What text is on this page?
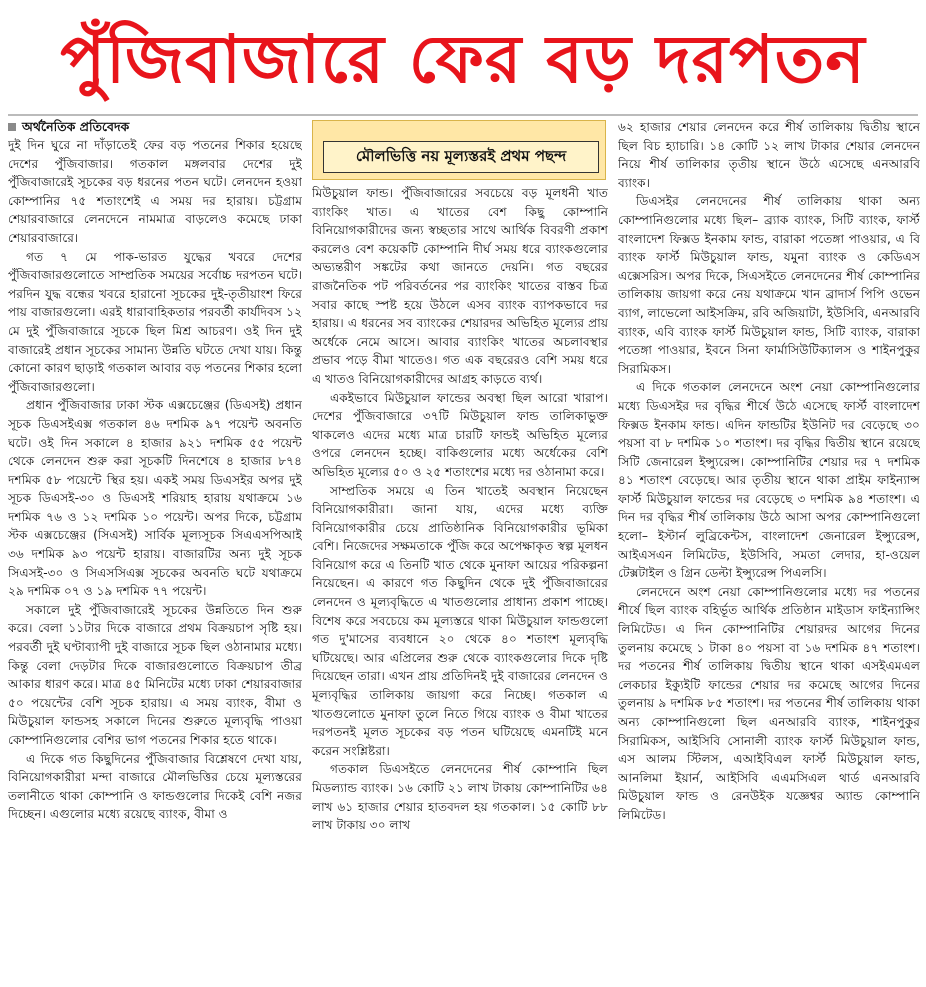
পুঁজিবাজারে ফের বড় দরপতন
অর্থনৈতিক প্রতিবেদক

দুই দিন ঘুরে না দাঁড়াতেই ফের বড় পতনের শিকার হয়েছে দেশের পুঁজিবাজার। গতকাল মঙ্গলবার দেশের দুই পুঁজিবাজারেই সূচকের বড় ধরনের পতন ঘটে। লেনদেন হওয়া কোম্পানির ৭৫ শতাংশেই এ সময় দর হারায়। চট্টগ্রাম শেয়ারবাজারে লেনদেনে নামমাত্র বাড়লেও কমেছে ঢাকা শেয়ারবাজারে।

গত ৭ মে পাক-ভারত যুদ্ধের খবরে দেশের পুঁজিবাজারগুলোতে সাম্প্রতিক সময়ের সর্বোচ্চ দরপতন ঘটে। পরদিন যুদ্ধ বন্ধের খবরে হারানো সূচকের দুই-তৃতীয়াংশ ফিরে পায় বাজারগুলো। এরই ধারাবাহিকতার পরবর্তী কার্যদিবস ১২ মে দুই পুঁজিবাজারে সূচকে ছিল মিশ্র আচরণ। ওই দিন দুই বাজারেই প্রধান সূচকের সামান্য উন্নতি ঘটতে দেখা যায়। কিন্তু কোনো কারণ ছাড়াই গতকাল আবার বড় পতনের শিকার হলো পুঁজিবাজারগুলো।

প্রধান পুঁজিবাজার ঢাকা স্টক এক্সচেঞ্জের (ডিএসই) প্রধান সূচক ডিএসইএক্স গতকাল ৪৬ দশমিক ৯৭ পয়েন্ট অবনতি ঘটে। ওই দিন সকালে ৪ হাজার ৯২১ দশমিক ৫৫ পয়েন্ট থেকে লেনদেন শুরু করা সূচকটি দিনশেষে ৪ হাজার ৮৭৪ দশমিক ৫৮ পয়েন্টে স্থির হয়। একই সময় ডিএসইর অপর দুই সূচক ডিএসই-৩০ ও ডিএসই শরিয়াহ হারায় যথাক্রমে ১৬ দশমিক ৭৬ ও ১২ দশমিক ১০ পয়েন্ট। অপর দিকে, চট্টগ্রাম স্টক এক্সচেঞ্জের (সিএসই) সার্বিক মূল্যসূচক সিএএসপিআই ৩৬ দশমিক ৯৩ পয়েন্ট হারায়। বাজারটির অন্য দুই সূচক সিএসই-৩০ ও সিএসসিএক্স সূচকের অবনতি ঘটে যথাক্রমে ২৯ দশমিক ০৭ ও ১৯ দশমিক ৭৭ পয়েন্ট।

সকালে দুই পুঁজিবাজারেই সূচকের উন্নতিতে দিন শুরু করে। বেলা ১১টার দিকে বাজারে প্রথম বিক্রয়চাপ সৃষ্টি হয়। পরবর্তী দুই ঘণ্টাব্যাপী দুই বাজারে সূচক ছিল ওঠানামার মধ্যে। কিন্তু বেলা দেড়টার দিকে বাজারগুলোতে বিক্রয়চাপ তীব্র আকার ধারণ করে। মাত্র ৪৫ মিনিটের মধ্যে ঢাকা শেয়ারবাজার ৫০ পয়েন্টের বেশি সূচক হারায়। এ সময় ব্যাংক, বীমা ও মিউচুয়াল ফান্ডসহ সকালে দিনের শুরুতে মূল্যবৃদ্ধি পাওয়া কোম্পানিগুলোর বেশির ভাগ পতনের শিকার হতে থাকে।

এ দিকে গত কিছুদিনের পুঁজিবাজার বিশ্লেষণে দেখা যায়, বিনিয়োগকারীরা মন্দা বাজারে মৌলভিত্তির চেয়ে মূল্যস্তরের তলানীতে থাকা কোম্পানি ও ফান্ডগুলোর দিকেই বেশি নজর দিচ্ছেন। এগুলোর মধ্যে রয়েছে ব্যাংক, বীমা ও

মৌলভিত্তি নয় মূল্যস্তরই প্রথম পছন্দ

মিউচুয়াল ফান্ড। পুঁজিবাজারের সবচেয়ে বড় মূলধনী খাত ব্যাংকিং খাত। এ খাতের বেশ কিছু কোম্পানি বিনিয়োগকারীদের জন্য স্বচ্ছতার সাথে আর্থিক বিবরণী প্রকাশ করলেও বেশ কয়েকটি কোম্পানি দীর্ঘ সময় ধরে ব্যাংকগুলোর অভ্যন্তরীণ সঙ্কটের কথা জানতে দেয়নি। গত বছরের রাজনৈতিক পট পরিবর্তনের পর ব্যাংকিং খাতের বাস্তব চিত্র সবার কাছে স্পষ্ট হয়ে উঠলে এসব ব্যাংক ব্যাপকভাবে দর হারায়। এ ধরনের সব ব্যাংকের শেয়ারদর অভিহিত মূল্যের প্রায় অর্ধেকে নেমে আসে। আবার ব্যাংকিং খাতের অচলাবস্থার প্রভাব পড়ে বীমা খাতেও। গত এক বছরেরও বেশি সময় ধরে এ খাতও বিনিয়োগকারীদের আগ্রহ কাড়তে ব্যর্থ।

একইভাবে মিউচুয়াল ফান্ডের অবস্থা ছিল আরো খারাপ। দেশের পুঁজিবাজারে ৩৭টি মিউচুয়াল ফান্ড তালিকাভুক্ত থাকলেও এদের মধ্যে মাত্র চারটি ফান্ডই অভিহিত মূল্যের ওপরে লেনদেন হচ্ছে। বাকিগুলোর মধ্যে অর্ধেকের বেশি অভিহিত মূল্যের ৫০ ও ২৫ শতাংশের মধ্যে দর ওঠানামা করে।

সাম্প্রতিক সময়ে এ তিন খাতেই অবস্থান নিয়েছেন বিনিয়োগকারীরা। জানা যায়, এদের মধ্যে ব্যক্তি বিনিয়োগকারীর চেয়ে প্রাতিষ্ঠানিক বিনিয়োগকারীর ভূমিকা বেশি। নিজেদের সক্ষমতাকে পুঁজি করে অপেক্ষাকৃত স্বল্প মূলধন বিনিয়োগ করে এ তিনটি খাত থেকে মুনাফা আয়ের পরিকল্পনা নিয়েছেন। এ কারণে গত কিছুদিন থেকে দুই পুঁজিবাজারের লেনদেন ও মূল্যবৃদ্ধিতে এ খাতগুলোর প্রাধান্য প্রকাশ পাচ্ছে। বিশেষ করে সবচেয়ে কম মূল্যস্তরে থাকা মিউচুয়াল ফান্ডগুলো গত দু'মাসের ব্যবধানে ২০ থেকে ৪০ শতাংশ মূল্যবৃদ্ধি ঘটিয়েছে। আর এপ্রিলের শুরু থেকে ব্যাংকগুলোর দিকে দৃষ্টি দিয়েছেন তারা। এখন প্রায় প্রতিদিনই দুই বাজারের লেনদেন ও মূল্যবৃদ্ধির তালিকায় জায়গা করে নিচ্ছে। গতকাল এ খাতগুলোতে মুনাফা তুলে নিতে গিয়ে ব্যাংক ও বীমা খাতের দরপতনই মূলত সূচকের বড় পতন ঘটিয়েছে এমনটিই মনে করেন সংশ্লিষ্টরা।

গতকাল ডিএসইতে লেনদেনের শীর্ষ কোম্পানি ছিল মিডল্যান্ড ব্যাংক। ১৬ কোটি ২১ লাখ টাকায় কোম্পানিটির ৬৪ লাখ ৬১ হাজার শেয়ার হাতবদল হয় গতকাল। ১৫ কোটি ৮৮ লাখ টাকায় ৩০ লাখ

৬২ হাজার শেয়ার লেনদেন করে শীর্ষ তালিকায় দ্বিতীয় স্থানে ছিল বিচ হ্যাচারি। ১৪ কোটি ১২ লাখ টাকার শেয়ার লেনদেন নিয়ে শীর্ষ তালিকার তৃতীয় স্থানে উঠে এসেছে এনআরবি ব্যাংক।

ডিএসইর লেনদেনের শীর্ষ তালিকায় থাকা অন্য কোম্পানিগুলোর মধ্যে ছিল– ব্র্যাক ব্যাংক, সিটি ব্যাংক, ফার্স্ট বাংলাদেশ ফিক্সড ইনকাম ফান্ড, বারাকা পতেঙ্গা পাওয়ার, এ বি ব্যাংক ফার্স্ট মিউচুয়াল ফান্ড, যমুনা ব্যাংক ও কেডিএস এক্সেসরিস। অপর দিকে, সিএসইতে লেনদেনের শীর্ষ কোম্পানির তালিকায় জায়গা করে নেয় যথাক্রমে খান ব্রাদার্স পিপি ওভেন ব্যাগ, লাভেলো আইসক্রিম, রবি অজিয়াটা, ইউসিবি, এনআরবি ব্যাংক, এবি ব্যাংক ফার্স্ট মিউচুয়াল ফান্ড, সিটি ব্যাংক, বারাকা পতেঙ্গা পাওয়ার, ইবনে সিনা ফার্মাসিউটিক্যালস ও শাইনপুকুর সিরামিকস।

এ দিকে গতকাল লেনদেনে অংশ নেয়া কোম্পানিগুলোর মধ্যে ডিএসইর দর বৃদ্ধির শীর্ষে উঠে এসেছে ফার্স্ট বাংলাদেশ ফিক্সড ইনকাম ফান্ড। এদিন ফান্ডটির ইউনিট দর বেড়েছে ৩০ পয়সা বা ৮ দশমিক ১০ শতাংশ। দর বৃদ্ধির দ্বিতীয় স্থানে রয়েছে সিটি জেনারেল ইন্স্যুরেন্স। কোম্পানিটির শেয়ার দর ৭ দশমিক ৪১ শতাংশ বেড়েছে। আর তৃতীয় স্থানে থাকা প্রাইম ফাইন্যান্স ফার্স্ট মিউচুয়াল ফান্ডের দর বেড়েছে ৩ দশমিক ৯৪ শতাংশ। এ দিন দর বৃদ্ধির শীর্ষ তালিকায় উঠে আসা অপর কোম্পানিগুলো হলো– ইস্টার্ন লুব্রিকেন্টস, বাংলাদেশ জেনারেল ইন্স্যুরেন্স, আইএসএন লিমিটেড, ইউসিবি, সমতা লেদার, হা-ওয়েল টেক্সটাইল ও গ্রিন ডেল্টা ইন্স্যুরেন্স পিএলসি।

লেনদেনে অংশ নেয়া কোম্পানিগুলোর মধ্যে দর পতনের শীর্ষে ছিল ব্যাংক বহির্ভূত আর্থিক প্রতিষ্ঠান মাইডাস ফাইন্যান্সিং লিমিটেড। এ দিন কোম্পানিটির শেয়ারদর আগের দিনের তুলনায় কমেছে ১ টাকা ৪০ পয়সা বা ১৬ দশমিক ৪৭ শতাংশ। দর পতনের শীর্ষ তালিকায় দ্বিতীয় স্থানে থাকা এসইএমএল লেকচার ইক্যুইটি ফান্ডের শেয়ার দর কমেছে আগের দিনের তুলনায় ৯ দশমিক ৮৫ শতাংশ। দর পতনের শীর্ষ তালিকায় থাকা অন্য কোম্পানিগুলো ছিল এনআরবি ব্যাংক, শাইনপুকুর সিরামিকস, আইসিবি সোনালী ব্যাংক ফার্স্ট মিউচুয়াল ফান্ড, এস আলম স্টিলস, এআইবিএল ফার্স্ট মিউচুয়াল ফান্ড, আনলিমা ইয়ার্ন, আইসিবি এএমসিএল থার্ড এনআরবি মিউচুয়াল ফান্ড ও রেনউইক যজ্ঞেশ্বর অ্যান্ড কোম্পানি লিমিটেড।
